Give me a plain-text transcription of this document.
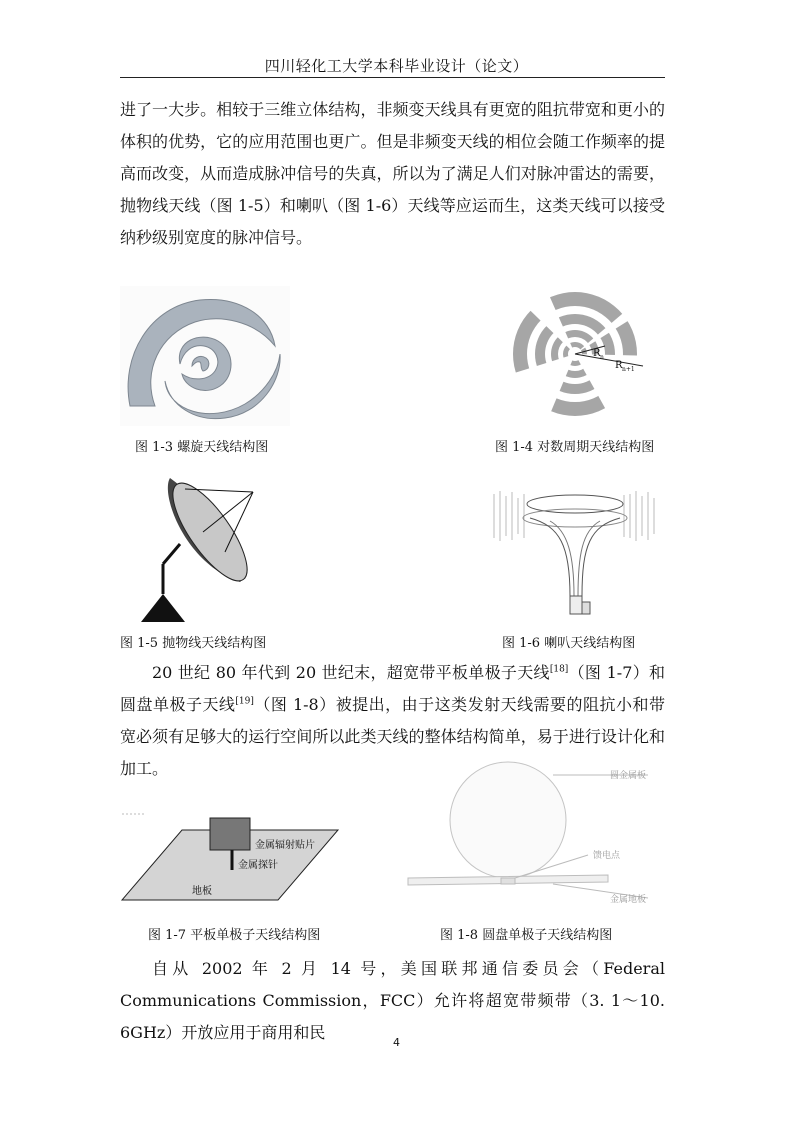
四川轻化工大学本科毕业设计（论文）
进了一大步。相较于三维立体结构，非频变天线具有更宽的阻抗带宽和更小的体积的优势，它的应用范围也更广。但是非频变天线的相位会随工作频率的提高而改变，从而造成脉冲信号的失真，所以为了满足人们对脉冲雷达的需要，抛物线天线（图 1-5）和喇叭（图 1-6）天线等应运而生，这类天线可以接受纳秒级别宽度的脉冲信号。
图 1-3 螺旋天线结构图
R n
R n+1
图 1-4 对数周期天线结构图
图 1-5 抛物线天线结构图	图 1-6 喇叭天线结构图
20 世纪 80 年代到 20 世纪末，超宽带平板单极子天线[18]（图 1-7）和圆盘单极子天线[19]（图 1-8）被提出，由于这类发射天线需要的阻抗小和带宽必须有足够大的运行空间所以此类天线的整体结构简单，易于进行设计化和加工。
金属辐射贴片
金属探针
地板
图 1-7 平板单极子天线结构图
圆金属板
馈电点
金属地板
图 1-8 圆盘单极子天线结构图
自从 2002 年 2 月 14 号，美国联邦通信委员会（Federal Communications Commission，FCC）允许将超宽带频带（3. 1～10. 6GHz）开放应用于商用和民
4
